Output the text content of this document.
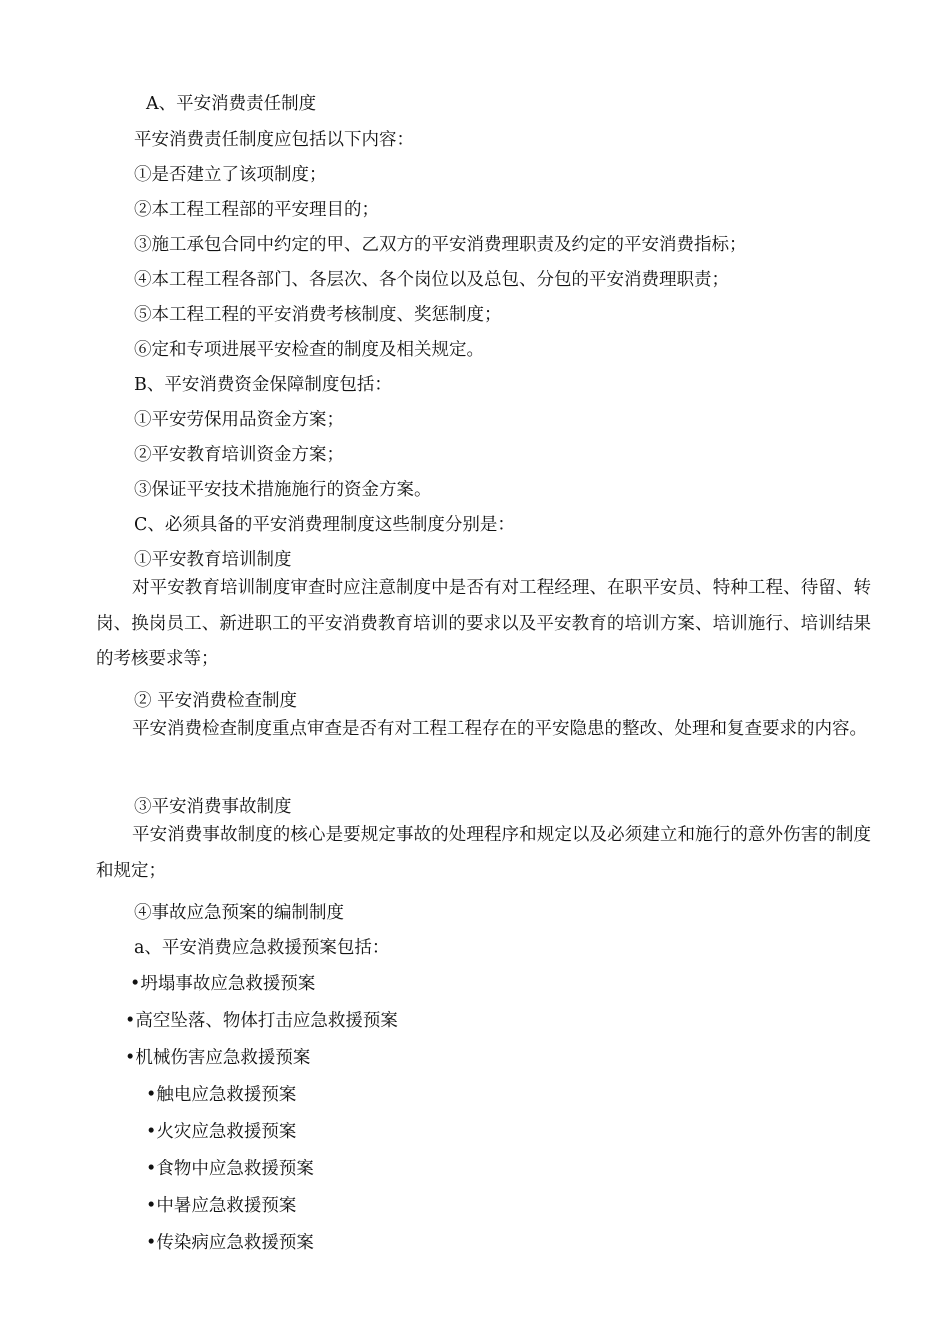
A、平安消费责任制度
平安消费责任制度应包括以下内容：
①是否建立了该项制度；
②本工程工程部的平安理目的；
③施工承包合同中约定的甲、乙双方的平安消费理职责及约定的平安消费指标；
④本工程工程各部门、各层次、各个岗位以及总包、分包的平安消费理职责；
⑤本工程工程的平安消费考核制度、奖惩制度；
⑥定和专项进展平安检查的制度及相关规定。
B、平安消费资金保障制度包括：
①平安劳保用品资金方案；
②平安教育培训资金方案；
③保证平安技术措施施行的资金方案。
C、必须具备的平安消费理制度这些制度分别是：
①平安教育培训制度
对平安教育培训制度审查时应注意制度中是否有对工程经理、在职平安员、特种工程、待留、转岗、换岗员工、新进职工的平安消费教育培训的要求以及平安教育的培训方案、培训施行、培训结果的考核要求等；
② 平安消费检查制度
平安消费检查制度重点审查是否有对工程工程存在的平安隐患的整改、处理和复查要求的内容。
③平安消费事故制度
平安消费事故制度的核心是要规定事故的处理程序和规定以及必须建立和施行的意外伤害的制度和规定；
④事故应急预案的编制制度
a、平安消费应急救援预案包括：
•坍塌事故应急救援预案
•高空坠落、物体打击应急救援预案
•机械伤害应急救援预案
•触电应急救援预案
•火灾应急救援预案
•食物中应急救援预案
•中暑应急救援预案
•传染病应急救援预案
